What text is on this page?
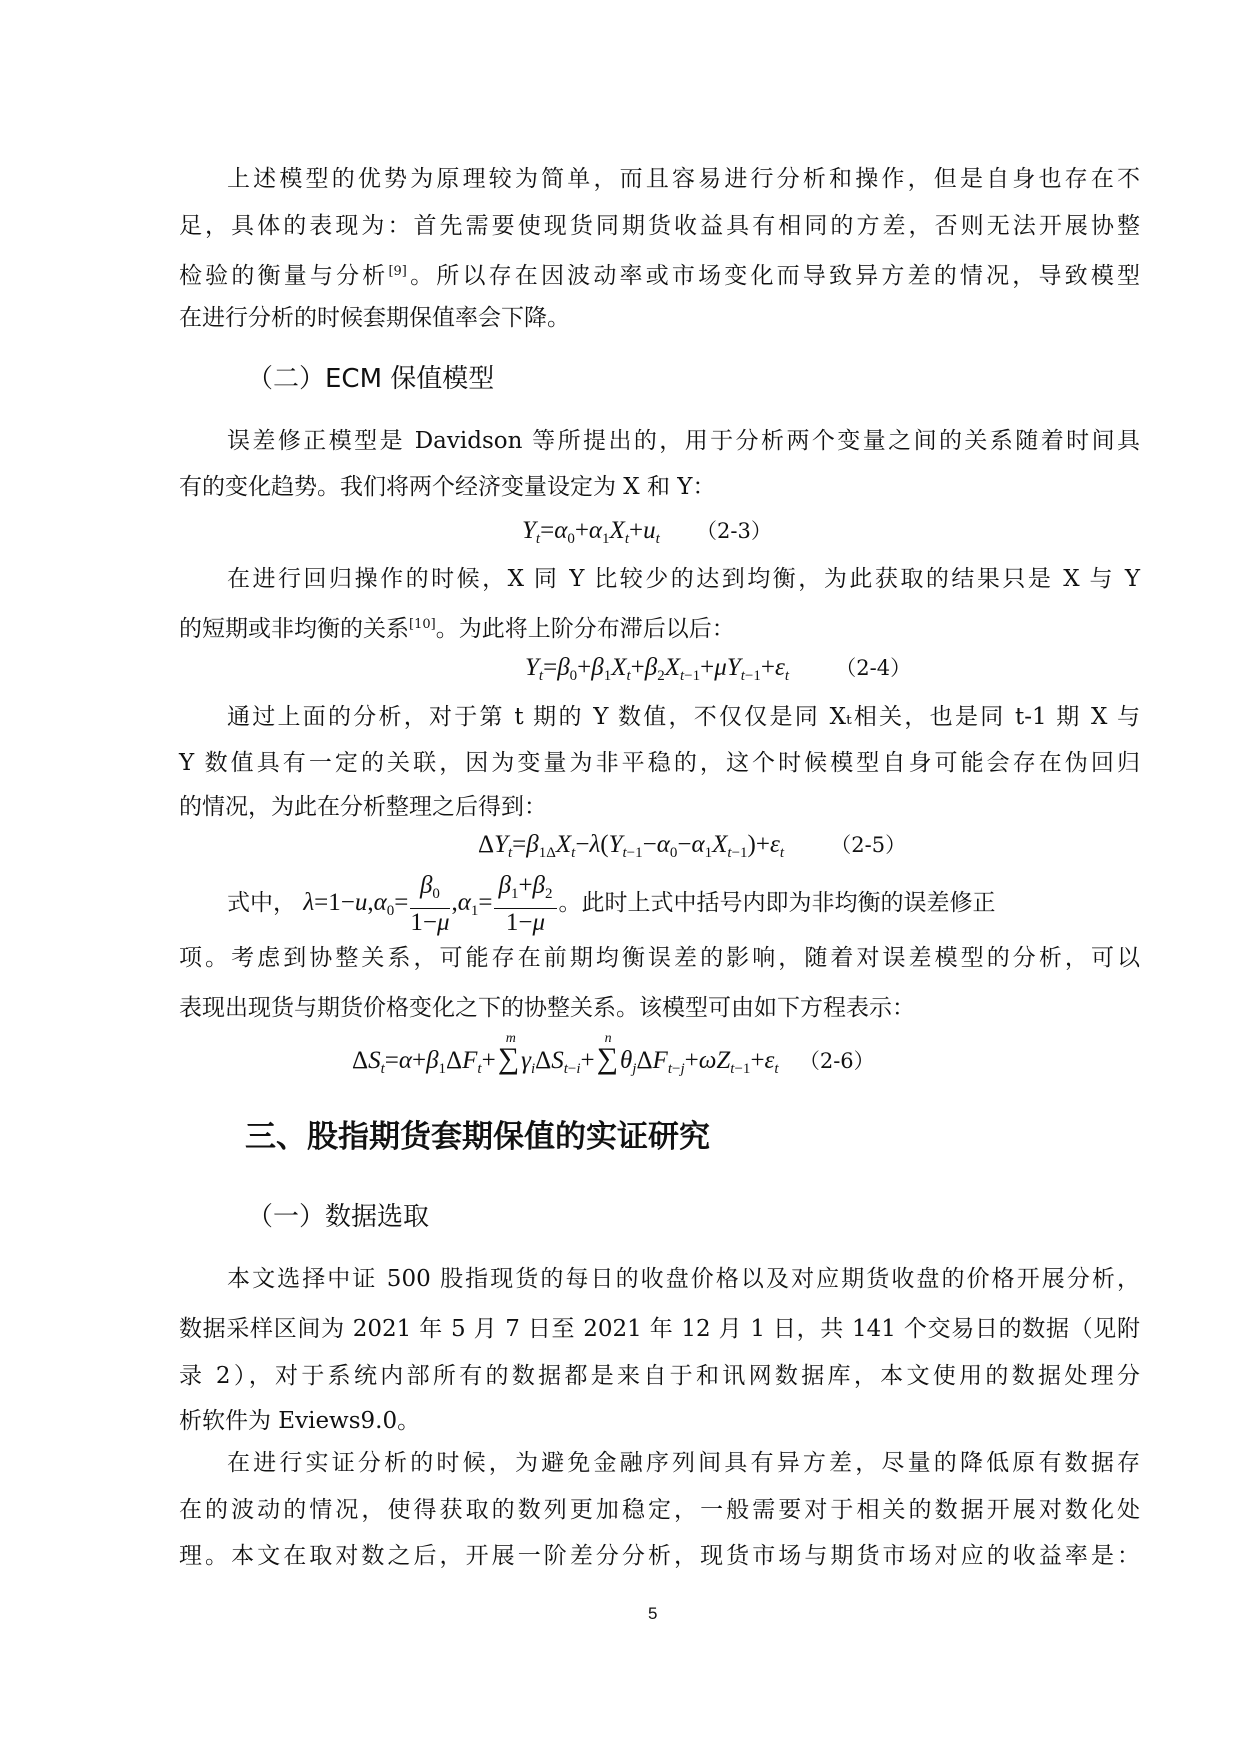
上述模型的优势为原理较为简单，而且容易进行分析和操作，但是自身也存在不
足，具体的表现为：首先需要使现货同期货收益具有相同的方差，否则无法开展协整
检验的衡量与分析[9]。所以存在因波动率或市场变化而导致异方差的情况，导致模型
在进行分析的时候套期保值率会下降。
（二）ECM 保值模型
误差修正模型是 Davidson 等所提出的，用于分析两个变量之间的关系随着时间具
有的变化趋势。我们将两个经济变量设定为 X 和 Y：
$Y_t=\alpha_0+\alpha_1X_t+u_t$ （2-3）
在进行回归操作的时候，X 同 Y 比较少的达到均衡，为此获取的结果只是 X 与 Y
的短期或非均衡的关系[10]。为此将上阶分布滞后以后：
$Y_t=\beta_0+\beta_1X_t+\beta_2X_{t-1}+\mu Y_{t-1}+\varepsilon_t$ （2-4）
通过上面的分析，对于第 t 期的 Y 数值，不仅仅是同 Xₜ相关，也是同 t-1 期 X 与
Y 数值具有一定的关联，因为变量为非平稳的，这个时候模型自身可能会存在伪回归
的情况，为此在分析整理之后得到：
$\Delta Y_t=\beta_{1\Delta}X_t-\lambda(Y_{t-1}-\alpha_0-\alpha_1X_{t-1})+\varepsilon_t$ （2-5）
式中， $\lambda=1-u,\alpha_0= \frac{\beta_0}{1-\mu} ,\alpha_1= \frac{\beta_1+\beta_2}{1-\mu}$ 。此时上式中括号内即为非均衡的误差修正
项。考虑到协整关系，可能存在前期均衡误差的影响，随着对误差模型的分析，可以
表现出现货与期货价格变化之下的协整关系。该模型可由如下方程表示：
$\Delta S_t=\alpha+\beta_1\Delta F_t+\sum$
m
$\gamma_i\Delta S_{t-i}+\sum$
n
$\theta_j\Delta F_{t-j}+\omega Z_{t-1}+\varepsilon_t$ （2-6）
三、股指期货套期保值的实证研究
（一）数据选取
本文选择中证 500 股指现货的每日的收盘价格以及对应期货收盘的价格开展分析，
数据采样区间为 2021 年 5 月 7 日至 2021 年 12 月 1 日，共 141 个交易日的数据（见附
录 2），对于系统内部所有的数据都是来自于和讯网数据库，本文使用的数据处理分
析软件为 Eviews9.0。
在进行实证分析的时候，为避免金融序列间具有异方差，尽量的降低原有数据存
在的波动的情况，使得获取的数列更加稳定，一般需要对于相关的数据开展对数化处
理。本文在取对数之后，开展一阶差分分析，现货市场与期货市场对应的收益率是：
5
